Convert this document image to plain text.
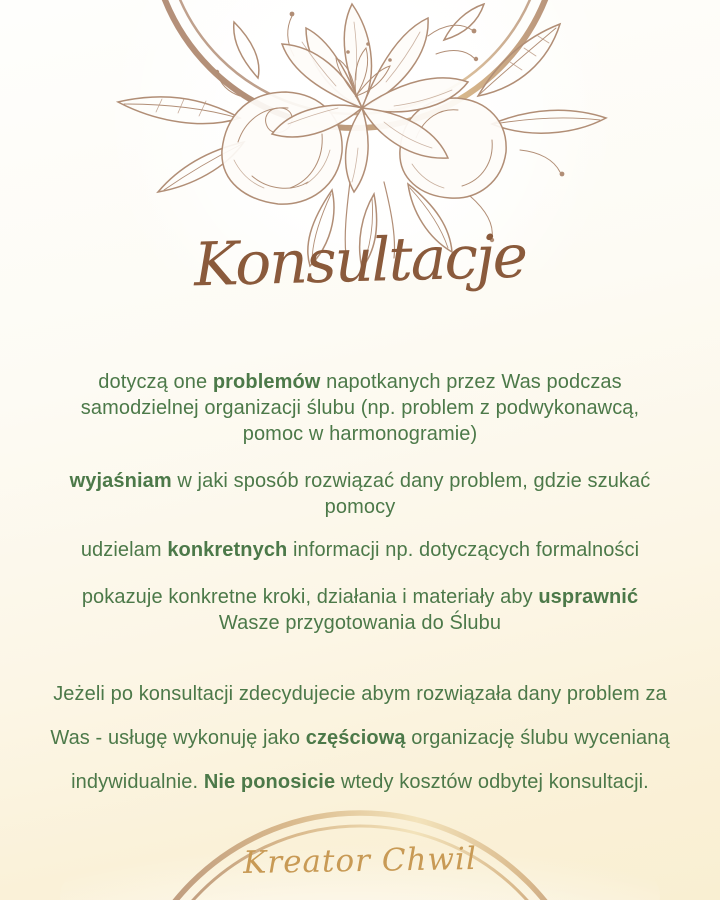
Konsultacje

dotyczą one problemów napotkanych przez Was podczas samodzielnej organizacji ślubu (np. problem z podwykonawcą, pomoc w harmonogramie)

wyjaśniam w jaki sposób rozwiązać dany problem, gdzie szukać pomocy

udzielam konkretnych informacji np. dotyczących formalności

pokazuje konkretne kroki, działania i materiały aby usprawnić Wasze przygotowania do Ślubu

Jeżeli po konsultacji zdecydujecie abym rozwiązała dany problem za Was - usługę wykonuję jako częściową organizację ślubu wycenianą indywidualnie. Nie ponosicie wtedy kosztów odbytej konsultacji.

Kreator Chwil
